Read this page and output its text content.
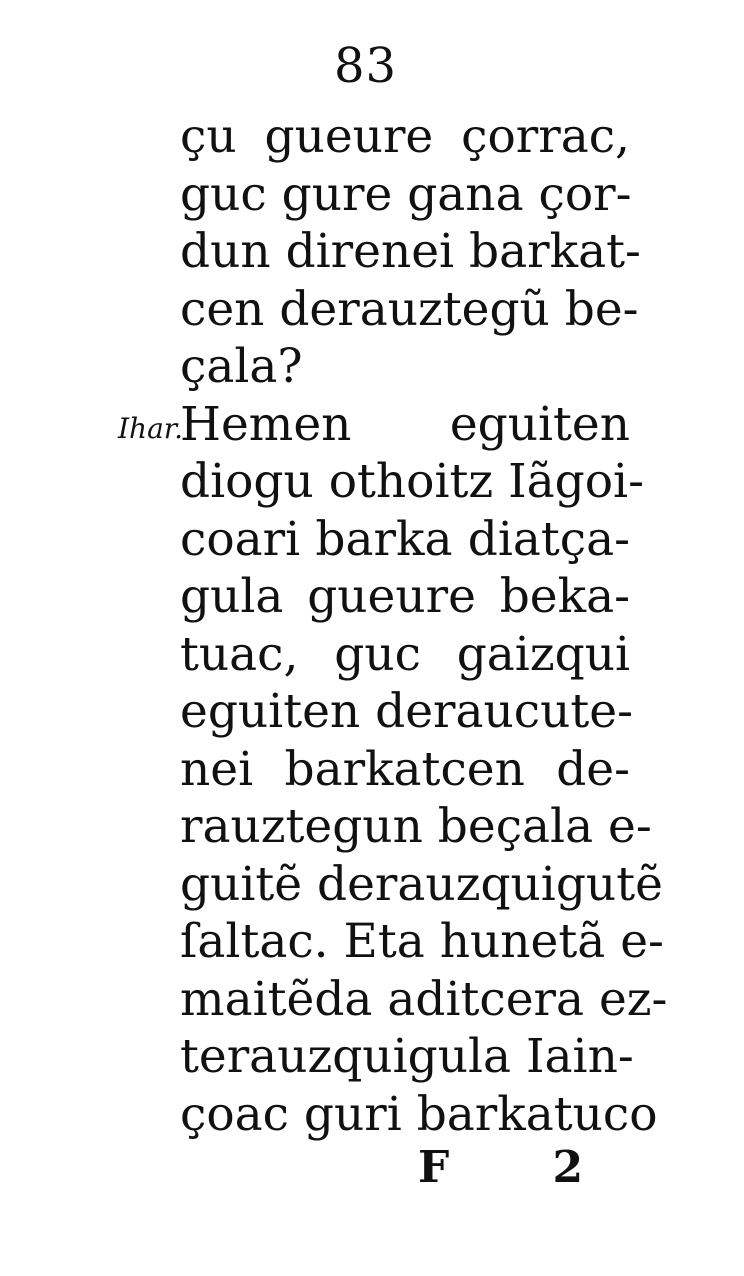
83
çu gueure çorrac,
guc gure gana çor-
dun direnei barkat-
cen derauztegũ be-
çala?
Ihar.
Hemen eguiten
diogu othoitz Iãgoi-
coari barka diatça-
gula gueure beka-
tuac, guc gaizqui
eguiten deraucute-
nei barkatcen de-
rauztegun beçala e-
guitẽ derauzquigutẽ
ſaltac. Eta hunetã e-
maitẽda aditcera ez-
terauzquigula Iain-
çoac guri barkatuco
F 2
